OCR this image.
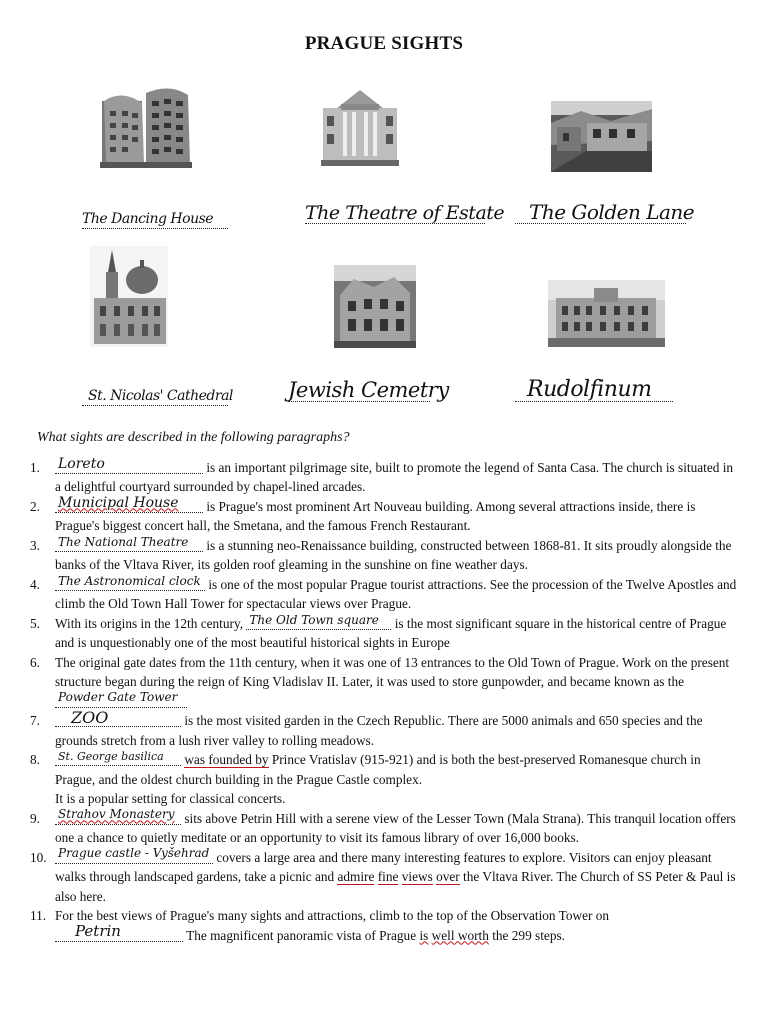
PRAGUE SIGHTS
The Dancing House	The Theatre of Estate The Golden Lane
St. Nicolas' Cathedral	Jewish Cemetry	Rudolfinum
What sights are described in the following paragraphs?
1. Loreto	is an important pilgrimage site, built to promote the legend of Santa Casa. The church is situated in a delightful courtyard surrounded by chapel-lined arcades.
2. Municipal House is Prague's most prominent Art Nouveau building. Among several attractions inside, there is Prague's biggest concert hall, the Smetana, and the famous French Restaurant.
3. The National Theatre is a stunning neo-Renaissance building, constructed between 1868-81. It sits proudly alongside the banks of the Vltava River, its golden roof gleaming in the sunshine on fine weather days.
4. The Astronomical clock is one of the most popular Prague tourist attractions. See the procession of the Twelve Apostles and climb the Old Town Hall Tower for spectacular views over Prague.
5. With its origins in the 12th century, The Old Town square is the most significant square in the historical centre of Prague and is unquestionably one of the most beautiful historical sights in Europe
6. The original gate dates from the 11th century, when it was one of 13 entrances to the Old Town of Prague. Work on the present structure began during the reign of King Vladislav II. Later, it was used to store gunpowder, and became known as the
Powder Gate Tower
7. ZOO	is the most visited garden in the Czech Republic. There are 5000 animals and 650 species and the grounds stretch from a lush river valley to rolling meadows.
8. St. George basilica was founded by Prince Vratislav (915-921) and is both the best-preserved Romanesque church in Prague, and the oldest church building in the Prague Castle complex.
It is a popular setting for classical concerts.
9. Strahov Monastery sits above Petrin Hill with a serene view of the Lesser Town (Mala Strana). This tranquil location offers one a chance to quietly meditate or an opportunity to visit its famous library of over 16,000 books.
10. Prague castle - Vyšehrad covers a large area and there many interesting features to explore. Visitors can enjoy pleasant walks through landscaped gardens, take a picnic and admire fine views over the Vltava River. The Church of SS Peter & Paul is also here.
11. For the best views of Prague's many sights and attractions, climb to the top of the Observation Tower on
Petrin	The magnificent panoramic vista of Prague is well worth the 299 steps.
